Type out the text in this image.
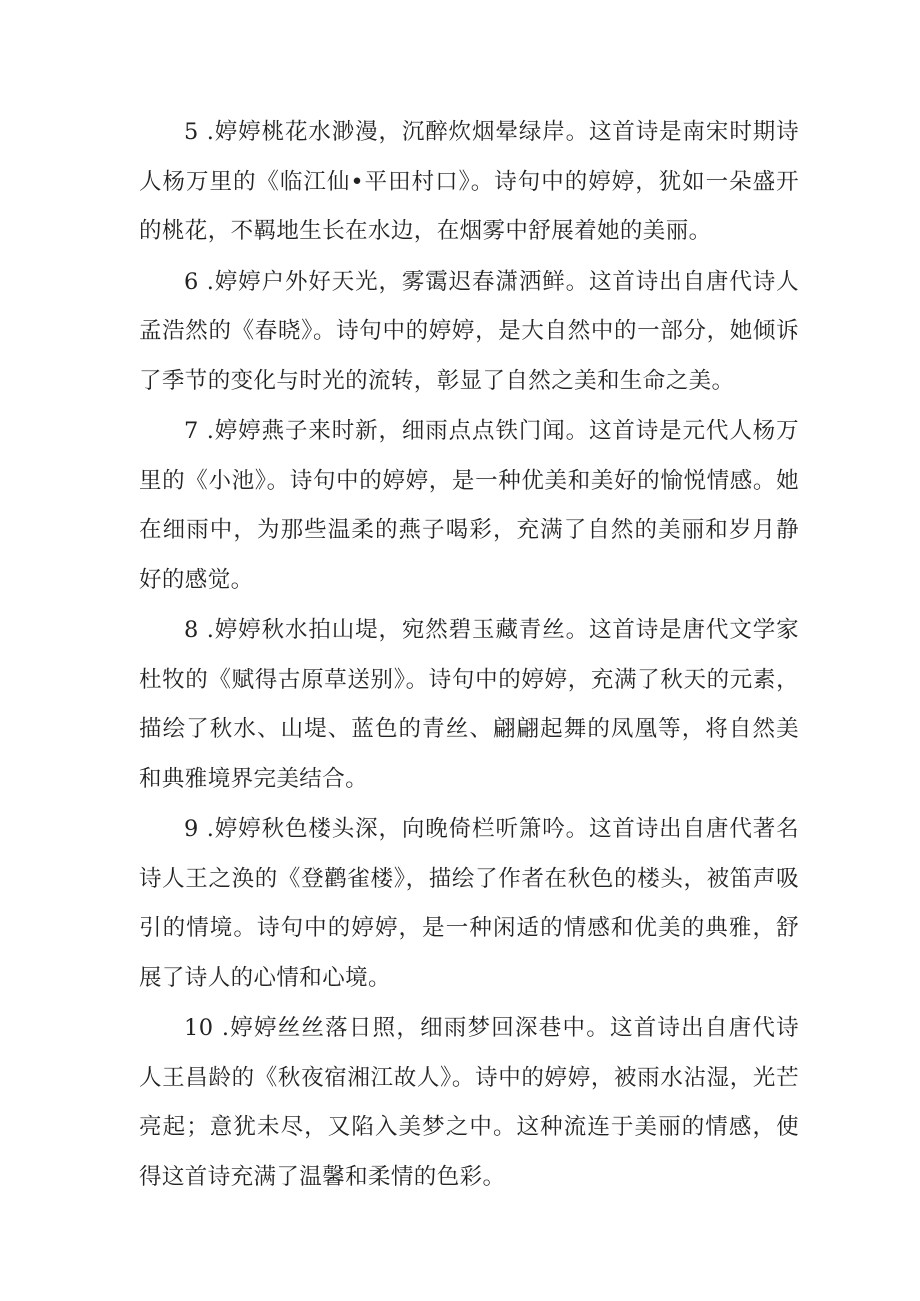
5 .婷婷桃花水渺漫，沉醉炊烟晕绿岸。这首诗是南宋时期诗人杨万里的《临江仙•平田村口》。诗句中的婷婷，犹如一朵盛开的桃花，不羁地生长在水边，在烟雾中舒展着她的美丽。

6 .婷婷户外好天光，雾霭迟春潇洒鲜。这首诗出自唐代诗人孟浩然的《春晓》。诗句中的婷婷，是大自然中的一部分，她倾诉了季节的变化与时光的流转，彰显了自然之美和生命之美。

7 .婷婷燕子来时新，细雨点点铁门闻。这首诗是元代人杨万里的《小池》。诗句中的婷婷，是一种优美和美好的愉悦情感。她在细雨中，为那些温柔的燕子喝彩，充满了自然的美丽和岁月静好的感觉。

8 .婷婷秋水拍山堤，宛然碧玉藏青丝。这首诗是唐代文学家杜牧的《赋得古原草送别》。诗句中的婷婷，充满了秋天的元素，描绘了秋水、山堤、蓝色的青丝、翩翩起舞的凤凰等，将自然美和典雅境界完美结合。

9 .婷婷秋色楼头深，向晚倚栏听箫吟。这首诗出自唐代著名诗人王之涣的《登鹳雀楼》，描绘了作者在秋色的楼头，被笛声吸引的情境。诗句中的婷婷，是一种闲适的情感和优美的典雅，舒展了诗人的心情和心境。

10 .婷婷丝丝落日照，细雨梦回深巷中。这首诗出自唐代诗人王昌龄的《秋夜宿湘江故人》。诗中的婷婷，被雨水沾湿，光芒亮起；意犹未尽，又陷入美梦之中。这种流连于美丽的情感，使得这首诗充满了温馨和柔情的色彩。
